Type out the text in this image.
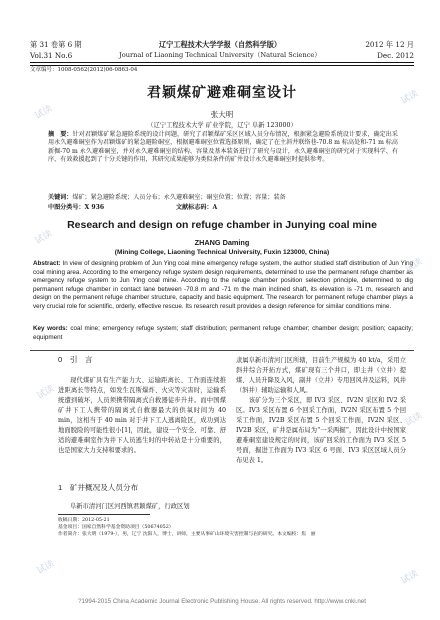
第 31 卷第 6 期	辽宁工程技术大学学报（自然科学版）	2012 年 12 月
Vol.31 No.6	Journal of Liaoning Technical University（Natural Science）	Dec. 2012
文章编号：1008-0562(2012)06-0863-04
君颖煤矿避难硐室设计
张大明
（辽宁工程技术大学 矿业学院，辽宁 阜新 123000）
摘　要：针对君颖煤矿紧急避险系统的设计问题，研究了君颖煤矿采区区域人员分布情况，根据紧急避险系统设计要求，确定出采用永久避难硐室作为君颖煤矿的紧急避险硐室，根据避难硐室位置选择原则，确定了在主斜井联络巷-70.8 m 标高处和-71 m 标高新掘-70 m 永久避难硐室，并对永久避难硐室的结构、容量及基本装备进行了研究与设计，永久避难硐室的研究对于实现科学、有序、有效救援起到了十分关键的作用，其研究成果能够为类似条件的矿井设计永久避难硐室时提供参考。
关键词：煤矿；紧急避险系统；人员分布；永久避难硐室；硐室位置；位置；容量；装备
中图分类号：X 936	文献标志码：A
Research and design on refuge chamber in Junying coal mine
ZHANG Daming
(Mining College, Liaoning Technical University, Fuxin 123000, China)
Abstract: In view of designing problem of Jun Ying coal mine emergency refuge system, the author studied staff distribution of Jun Ying coal mining area. According to the emergency refuge system design requirements, determined to use the permanent refuge chamber as emergency refuge system to Jun Ying coal mine. According to the refuge chamber position selection principle, determined to dig permanent refuge chamber in contact lane between -70.8 m and -71 m the main inclined shaft, its elevation is -71 m, research and design on the permanent refuge chamber structure, capacity and basic equipment. The research for permanent refuge chamber plays a very crucial role for scientific, orderly, effective rescue. Its research result provides a design reference for similar conditions mine.
Key words: coal mine; emergency refuge system; staff distribution; permanent refuge chamber; chamber design; position; capacity; equipment
0　引　言
现代煤矿具有生产能力大、运输距离长、工作面连续推进距离长等特点，如发生瓦斯爆炸、火灾等灾害时，运输系统遭到破坏，人员须携带隔离式自救器徒步升井。而中国煤矿井下工人携带的隔离式自救器最大的供氧时间为 40 min，这相当于 40 min 对于井下工人逃离险区，成功到达地面脱险的可能性很小[1]，因此，建设一个安全、可靠、舒适的避难硐室作为井下人员逃生时的中转站是十分重要的，也是国家大力支持和要求的。
1　矿井概况及人员分布
阜新市清河门区河西镇君颖煤矿，行政区划
隶属阜新市清河门区所辖，目前生产规模为 40 kt/a，采用立斜井综合开拓方式，煤矿现有三个井口，即主井（立井）提煤、人员升降及入风，副井（立井）专用回风井及运料，风井（斜井）辅助运输和人风。
　　该矿分为三个采区，即 IV3 采区、IV2N 采区和 IV2 采区。IV3 采区布置 6 个回采工作面，IV2N 采区布置 5 个回采工作面，IV2B 采区布置 5 个回采工作面，IV2N 采区、IV2B 采区，矿井是属布局为“一采两掘”，因此设计中按国家避难硐室建设规定的时间，该矿回采的工作面为 IV3 采区 5 号面，掘进工作面为 IV3 采区 6 号面、IV3 采区区域人员分布见表 1。
收稿日期：2012-05-21
基金项目：国家自然科学基金资助项目（50674052）
作者简介：张大明（1979-），男，辽宁 沈阳人，博士，讲师，主要从事矿山环境灾害控制与岩的研究。本文编校：焦　丽
?1994-2015 China Academic Journal Electronic Publishing House. All rights reserved. http://www.cnki.net
试读
试读
试读
试读
试读
试读
试读
试读
